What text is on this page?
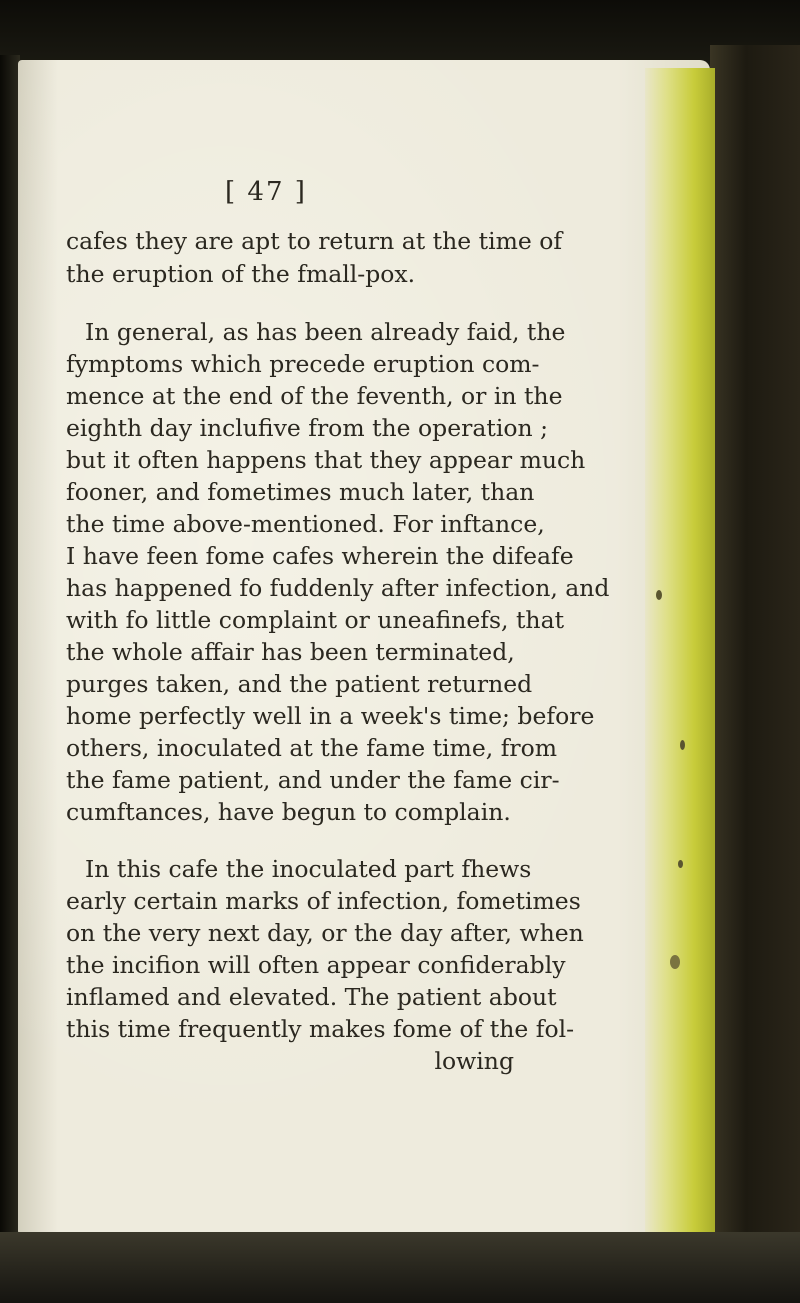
[ 47 ]
cafes they are apt to return at the time of
the eruption of the fmall-pox.
In general, as has been already faid, the
fymptoms which precede eruption com-
mence at the end of the feventh, or in the
eighth day inclufive from the operation ;
but it often happens that they appear much
fooner, and fometimes much later, than
the time above-mentioned. For inftance,
I have feen fome cafes wherein the difeafe
has happened fo fuddenly after infection, and
with fo little complaint or uneafinefs, that
the whole affair has been terminated,
purges taken, and the patient returned
home perfectly well in a week's time; before
others, inoculated at the fame time, from
the fame patient, and under the fame cir-
cumftances, have begun to complain.
In this cafe the inoculated part fhews
early certain marks of infection, fometimes
on the very next day, or the day after, when
the incifion will often appear confiderably
inflamed and elevated. The patient about
this time frequently makes fome of the fol-
lowing
